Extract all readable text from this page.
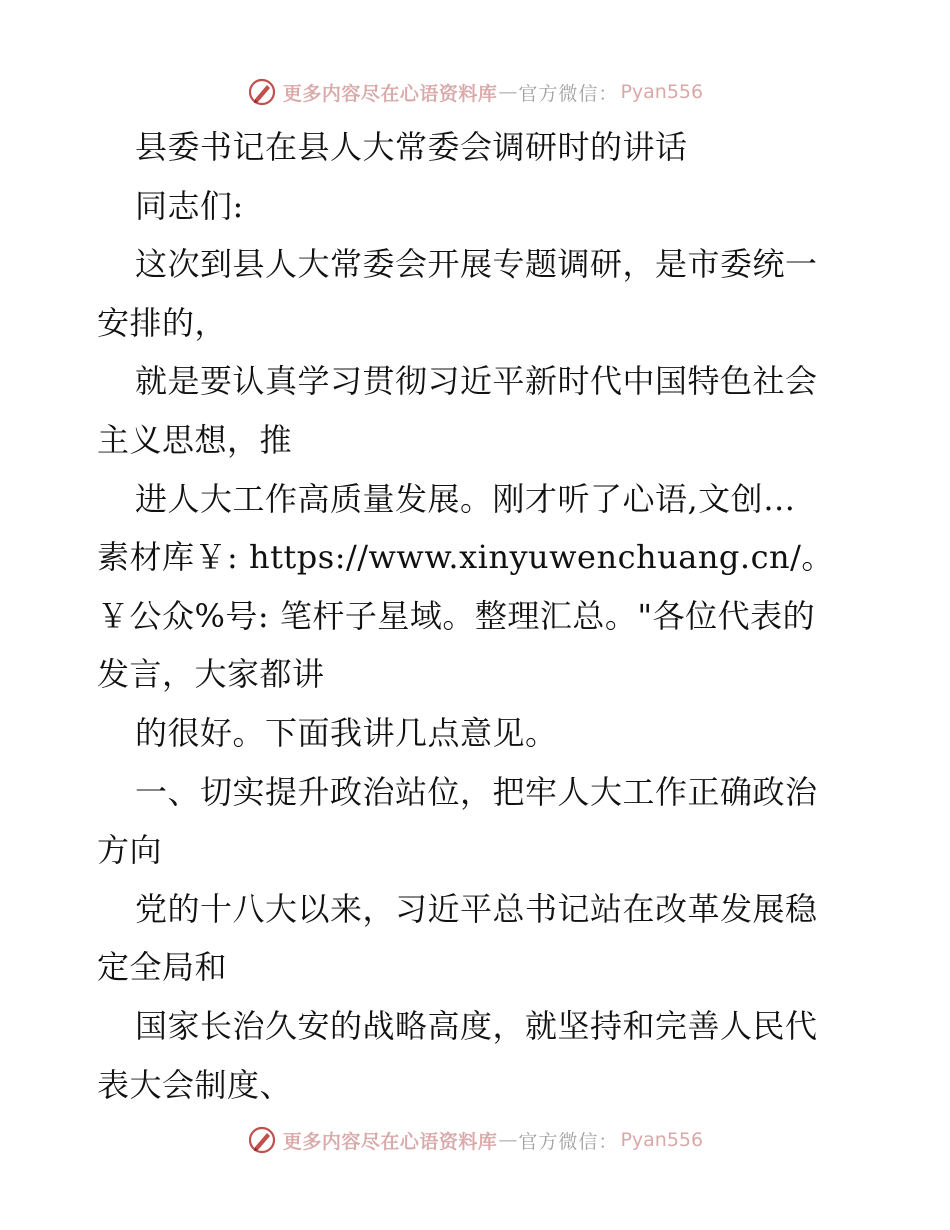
更多内容尽在心语资料库 — 官方微信： Pyan556
县委书记在县人大常委会调研时的讲话
同志们:
这次到县人大常委会开展专题调研，是市委统一
安排的，
就是要认真学习贯彻习近平新时代中国特色社会
主义思想，推
进人大工作高质量发展。刚才听了心语,文创…
素材库￥: https://www.xinyuwenchuang.cn/。
￥公众%号: 笔杆子星域。整理汇总。"各位代表的
发言，大家都讲
的很好。下面我讲几点意见。
一、切实提升政治站位，把牢人大工作正确政治
方向
党的十八大以来，习近平总书记站在改革发展稳
定全局和
国家长治久安的战略高度，就坚持和完善人民代
表大会制度、
更多内容尽在心语资料库 — 官方微信： Pyan556
